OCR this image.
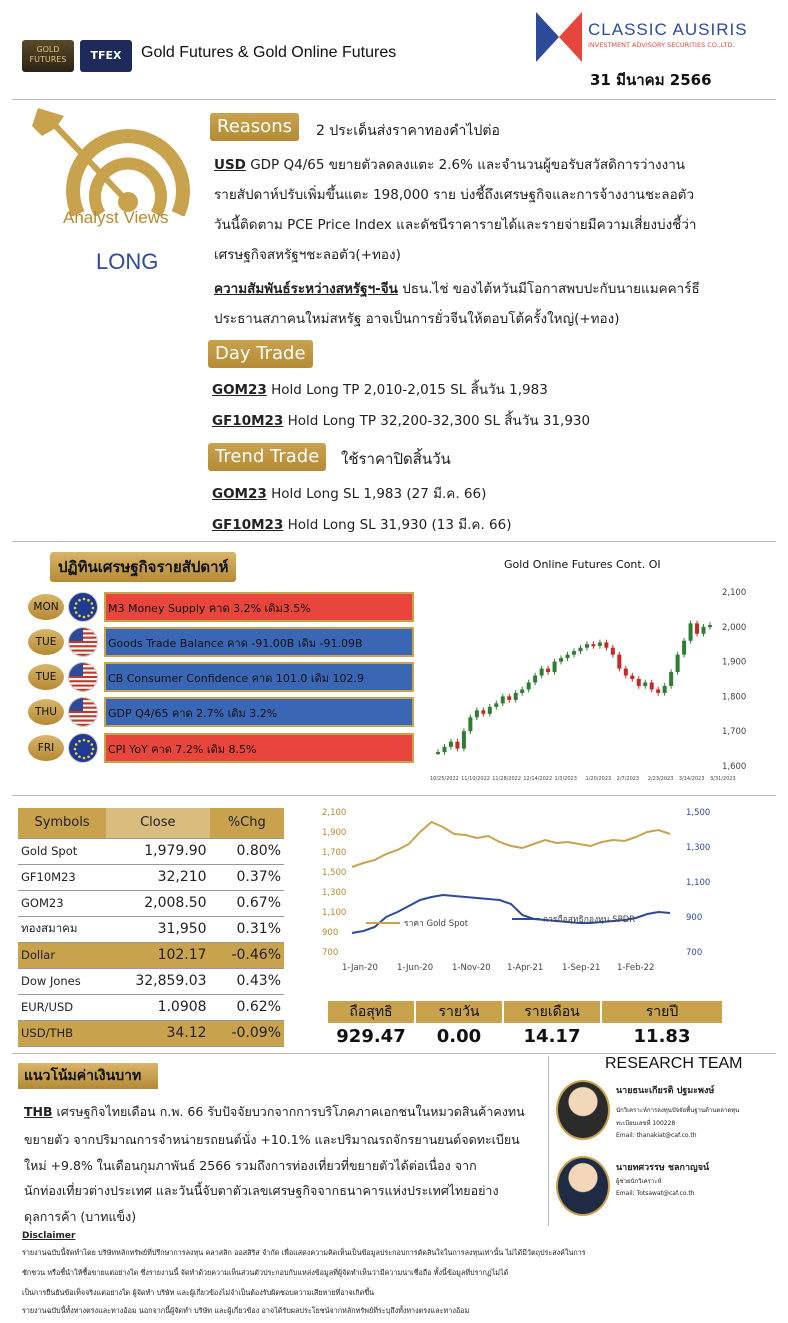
GOLD FUTURES	TFEX	Gold Futures & Gold Online Futures
CLASSIC AUSIRIS
INVESTMENT ADVISORY SECURITIES CO.,LTD.
31 มีนาคม 2566
Analyst Views
LONG
Reasons	2 ประเด็นส่งราคาทองคำไปต่อ
USD GDP Q4/65 ขยายตัวลดลงแตะ 2.6% และจำนวนผู้ขอรับสวัสดิการว่างงาน
รายสัปดาห์ปรับเพิ่มขึ้นแตะ 198,000 ราย บ่งชี้ถึงเศรษฐกิจและการจ้างงานชะลอตัว
วันนี้ติดตาม PCE Price Index และดัชนีราคารายได้และรายจ่ายมีความเสี่ยงบ่งชี้ว่า
เศรษฐกิจสหรัฐฯชะลอตัว(+ทอง)
ความสัมพันธ์ระหว่างสหรัฐฯ-จีน ปธน.ไช่ ของไต้หวันมีโอกาสพบปะกับนายแมคคาร์ธี
ประธานสภาคนใหม่สหรัฐ อาจเป็นการยั่วจีนให้ตอบโต้ครั้งใหญ่(+ทอง)
Day Trade
GOM23 Hold Long TP 2,010-2,015 SL สิ้นวัน 1,983
GF10M23 Hold Long TP 32,200-32,300 SL สิ้นวัน 31,930
Trend Trade	ใช้ราคาปิดสิ้นวัน
GOM23 Hold Long SL 1,983 (27 มี.ค. 66)
GF10M23 Hold Long SL 31,930 (13 มี.ค. 66)
ปฏิทินเศรษฐกิจรายสัปดาห์
MON	M3 Money Supply คาด 3.2% เดิม3.5%
TUE	Goods Trade Balance คาด -91.00B เดิม -91.09B
TUE	CB Consumer Confidence คาด 101.0 เดิม 102.9
THU	GDP Q4/65 คาด 2.7% เดิม 3.2%
FRI	CPI YoY คาด 7.2% เดิม 8.5%
Gold Online Futures Cont. OI
2,100
2,000
1,900
1,800
1,700
1,600
10/25/2022 11/10/2022 11/28/2022 12/14/2022 1/3/2023 1/20/2023 2/7/2023 2/23/2023 3/14/2023 3/31/2023
Symbols	Close	%Chg
Gold Spot	1,979.90	0.80%
GF10M23	32,210	0.37%
GOM23	2,008.50	0.67%
ทองสมาคม	31,950	0.31%
Dollar	102.17	-0.46%
Dow Jones	32,859.03	0.43%
EUR/USD	1.0908	0.62%
USD/THB	34.12	-0.09%
2,100
1,900
1,700
1,500
1,300
1,100
900
700
1,500
1,300
1,100
900
700
ราคา Gold Spot	การถือสุทธิกองทุน SPDR
1-Jan-20 1-Jun-20 1-Nov-20 1-Apr-21 1-Sep-21 1-Feb-22
ถือสุทธิ	รายวัน	รายเดือน	รายปี
929.47	0.00	14.17	11.83
แนวโน้มค่าเงินบาท
THB เศรษฐกิจไทยเดือน ก.พ. 66 รับปัจจัยบวกจากการบริโภคภาคเอกชนในหมวดสินค้าคงทน
ขยายตัว จากปริมาณการจำหน่ายรถยนต์นั่ง +10.1% และปริมาณรถจักรยานยนต์จดทะเบียน
ใหม่ +9.8% ในเดือนกุมภาพันธ์ 2566 รวมถึงการท่องเที่ยวที่ขยายตัวได้ต่อเนื่อง จาก
นักท่องเที่ยวต่างประเทศ และวันนี้จับตาตัวเลขเศรษฐกิจจากธนาคารแห่งประเทศไทยอย่าง
ดุลการค้า (บาทแข็ง)
RESEARCH TEAM
นายธนะเกียรติ ปฐมะพงษ์
นักวิเคราะห์การลงทุนปัจจัยพื้นฐานด้านตลาดทุน
ทะเบียนเลขที่ 100228
Email: thanakiat@caf.co.th
นายทศวรรษ ชลกาญจน์
ผู้ช่วยนักวิเคราะห์
Email: Totsawat@caf.co.th
Disclaimer
รายงานฉบับนี้จัดทำโดย บริษัทหลักทรัพย์ที่ปรึกษาการลงทุน คลาสสิก ออสสิริส จำกัด เพื่อแสดงความคิดเห็นเป็นข้อมูลประกอบการตัดสินใจในการลงทุนเท่านั้น ไม่ได้มีวัตถุประสงค์ในการ
ชักชวน หรือชี้นำให้ซื้อขายแต่อย่างใด ซึ่งรายงานนี้ จัดทำด้วยความเห็นส่วนตัวประกอบกับแหล่งข้อมูลที่ผู้จัดทำเห็นว่ามีความน่าเชื่อถือ ทั้งนี้ข้อมูลที่ปรากฏไม่ได้
เป็นการยืนยันข้อเท็จจริงแต่อย่างใด ผู้จัดทำ บริษัท และผู้เกี่ยวข้องไม่จำเป็นต้องรับผิดชอบความเสียหายที่อาจเกิดขึ้น
รายงานฉบับนี้ทั้งทางตรงและทางอ้อม นอกจากนี้ผู้จัดทำ บริษัท และผู้เกี่ยวข้อง อาจได้รับผลประโยชน์จากหลักทรัพย์ที่ระบุถึงทั้งทางตรงและทางอ้อม
